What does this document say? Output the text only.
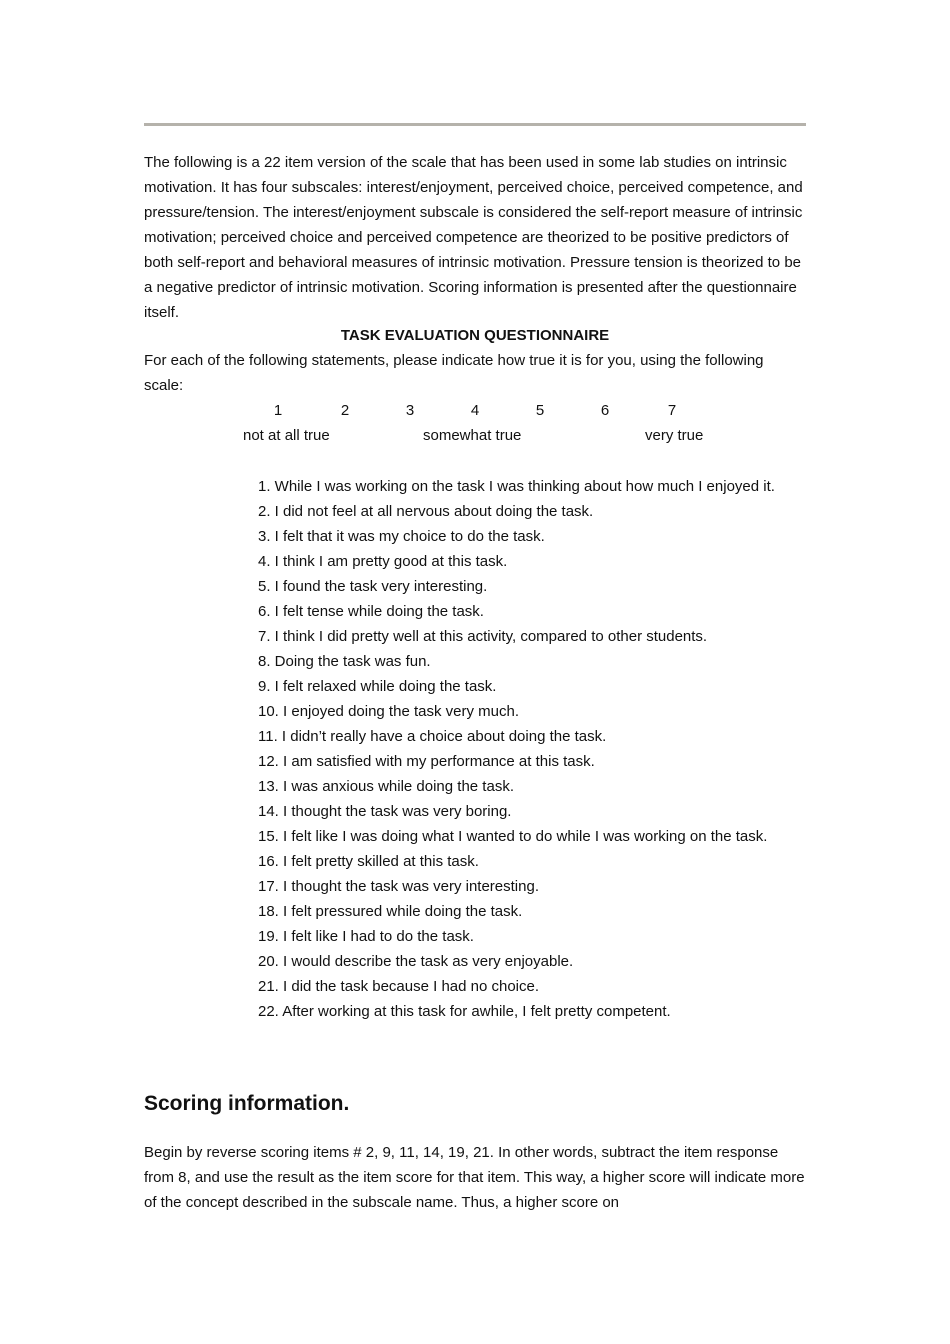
The following is a 22 item version of the scale that has been used in some lab studies on intrinsic motivation. It has four subscales: interest/enjoyment, perceived choice, perceived competence, and pressure/tension. The interest/enjoyment subscale is considered the self-report measure of intrinsic motivation; perceived choice and perceived competence are theorized to be positive predictors of both self-report and behavioral measures of intrinsic motivation. Pressure tension is theorized to be a negative predictor of intrinsic motivation. Scoring information is presented after the questionnaire itself.

TASK EVALUATION QUESTIONNAIRE

For each of the following statements, please indicate how true it is for you, using the following scale:

1	2	3	4	5	6	7
not at all true	somewhat true	very true
1. While I was working on the task I was thinking about how much I enjoyed it.
2. I did not feel at all nervous about doing the task.
3. I felt that it was my choice to do the task.
4. I think I am pretty good at this task.
5. I found the task very interesting.
6. I felt tense while doing the task.
7. I think I did pretty well at this activity, compared to other students.
8. Doing the task was fun.
9. I felt relaxed while doing the task.
10. I enjoyed doing the task very much.
11. I didn’t really have a choice about doing the task.
12. I am satisfied with my performance at this task.
13. I was anxious while doing the task.
14. I thought the task was very boring.
15. I felt like I was doing what I wanted to do while I was working on the task.
16. I felt pretty skilled at this task.
17. I thought the task was very interesting.
18. I felt pressured while doing the task.
19. I felt like I had to do the task.
20. I would describe the task as very enjoyable.
21. I did the task because I had no choice.
22. After working at this task for awhile, I felt pretty competent.
Scoring information.

Begin by reverse scoring items # 2, 9, 11, 14, 19, 21. In other words, subtract the item response from 8, and use the result as the item score for that item. This way, a higher score will indicate more of the concept described in the subscale name. Thus, a higher score on
